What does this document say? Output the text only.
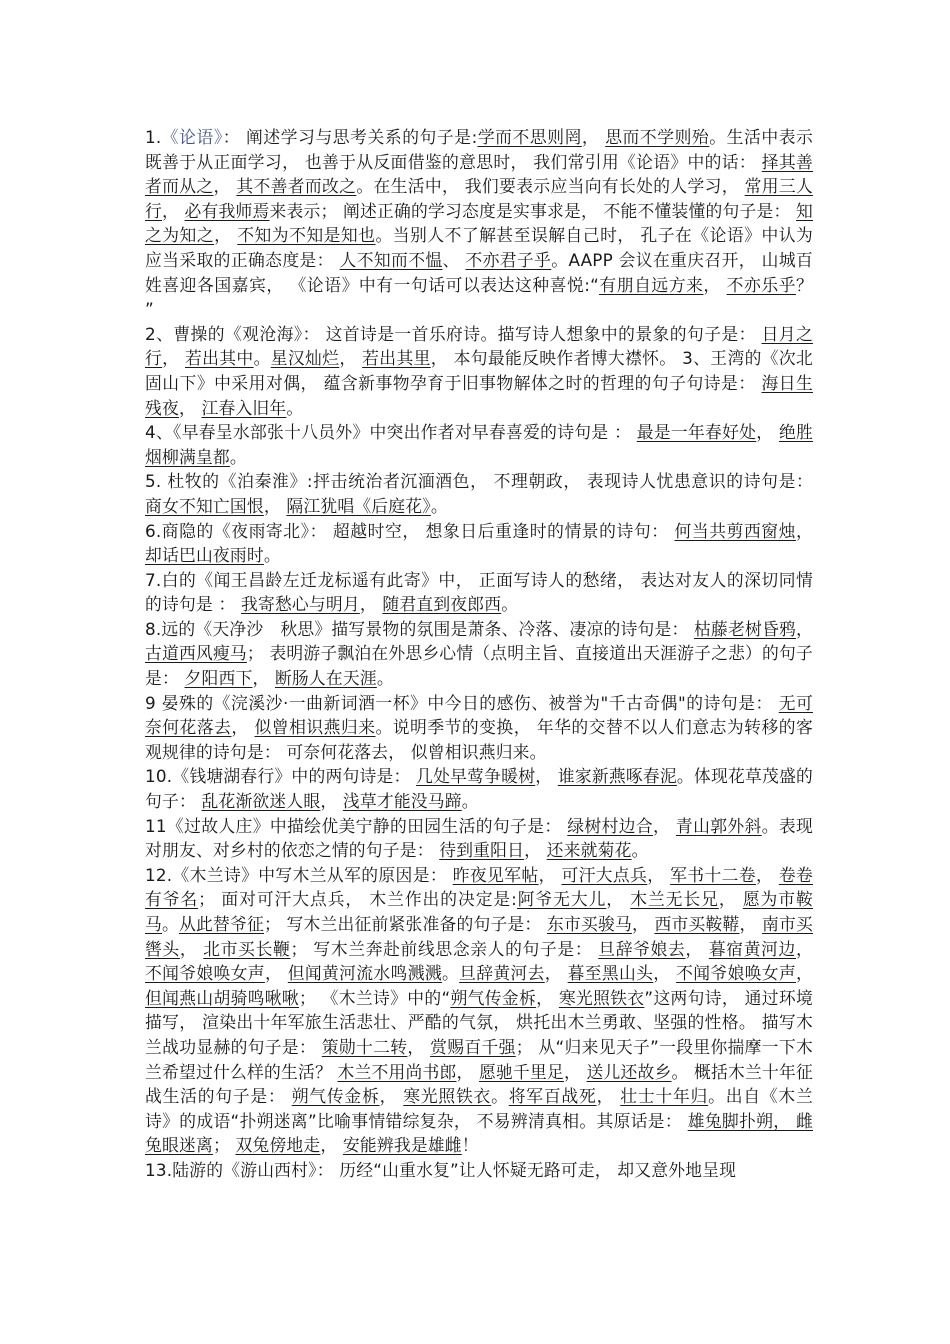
1.《论语》： 阐述学习与思考关系的句子是:学而不思则罔， 思而不学则殆。生活中表示既善于从正面学习， 也善于从反面借鉴的意思时， 我们常引用《论语》中的话： 择其善者而从之， 其不善者而改之。在生活中， 我们要表示应当向有长处的人学习， 常用三人行， 必有我师焉来表示； 阐述正确的学习态度是实事求是， 不能不懂装懂的句子是： 知之为知之， 不知为不知是知也。当别人不了解甚至误解自己时， 孔子在《论语》中认为应当采取的正确态度是： 人不知而不愠、 不亦君子乎。AAPP 会议在重庆召开， 山城百姓喜迎各国嘉宾， 《论语》中有一句话可以表达这种喜悦:“有朋自远方来， 不亦乐乎？ ”

2、曹操的《观沧海》： 这首诗是一首乐府诗。描写诗人想象中的景象的句子是： 日月之行， 若出其中。星汉灿烂， 若出其里， 本句最能反映作者博大襟怀。 3、王湾的《次北固山下》中采用对偶， 蕴含新事物孕育于旧事物解体之时的哲理的句子句诗是： 海日生残夜， 江春入旧年。

4、《早春呈水部张十八员外》中突出作者对早春喜爱的诗句是 ： 最是一年春好处， 绝胜烟柳满皇都。

5. 杜牧的《泊秦淮》:抨击统治者沉湎酒色， 不理朝政， 表现诗人忧患意识的诗句是： 商女不知亡国恨， 隔江犹唱《后庭花》。

6.商隐的《夜雨寄北》： 超越时空， 想象日后重逢时的情景的诗句： 何当共剪西窗烛， 却话巴山夜雨时。

7.白的《闻王昌龄左迁龙标遥有此寄》中， 正面写诗人的愁绪， 表达对友人的深切同情的诗句是 ： 我寄愁心与明月， 随君直到夜郎西。

8.远的《天净沙　秋思》描写景物的氛围是萧条、冷落、凄凉的诗句是： 枯藤老树昏鸦， 古道西风瘦马； 表明游子飘泊在外思乡心情（点明主旨、直接道出天涯游子之悲）的句子是： 夕阳西下， 断肠人在天涯。

9 晏殊的《浣溪沙·一曲新词酒一杯》中今日的感伤、被誉为"千古奇偶"的诗句是： 无可奈何花落去， 似曾相识燕归来。说明季节的变换， 年华的交替不以人们意志为转移的客观规律的诗句是： 可奈何花落去， 似曾相识燕归来。

10.《钱塘湖春行》中的两句诗是： 几处早莺争暖树， 谁家新燕啄春泥。体现花草茂盛的句子： 乱花渐欲迷人眼， 浅草才能没马蹄。

11《过故人庄》中描绘优美宁静的田园生活的句子是： 绿树村边合， 青山郭外斜。表现对朋友、对乡村的依恋之情的句子是： 待到重阳日， 还来就菊花。

12.《木兰诗》中写木兰从军的原因是： 昨夜见军帖， 可汗大点兵， 军书十二卷， 卷卷有爷名； 面对可汗大点兵， 木兰作出的决定是:阿爷无大儿， 木兰无长兄， 愿为市鞍马。从此替爷征； 写木兰出征前紧张准备的句子是： 东市买骏马， 西市买鞍鞯， 南市买辔头， 北市买长鞭； 写木兰奔赴前线思念亲人的句子是： 旦辞爷娘去， 暮宿黄河边， 不闻爷娘唤女声， 但闻黄河流水鸣溅溅。旦辞黄河去， 暮至黑山头， 不闻爷娘唤女声， 但闻燕山胡骑鸣啾啾； 《木兰诗》中的“朔气传金柝， 寒光照铁衣”这两句诗， 通过环境描写， 渲染出十年军旅生活悲壮、严酷的气氛， 烘托出木兰勇敢、坚强的性格。 描写木兰战功显赫的句子是： 策勋十二转， 赏赐百千强； 从“归来见天子”一段里你揣摩一下木兰希望过什么样的生活？ 木兰不用尚书郎， 愿驰千里足， 送儿还故乡。 概括木兰十年征战生活的句子是： 朔气传金柝， 寒光照铁衣。将军百战死， 壮士十年归。出自《木兰诗》的成语“扑朔迷离”比喻事情错综复杂， 不易辨清真相。其原话是： 雄兔脚扑朔， 雌兔眼迷离； 双兔傍地走， 安能辨我是雄雌！

13.陆游的《游山西村》： 历经“山重水复”让人怀疑无路可走， 却又意外地呈现
